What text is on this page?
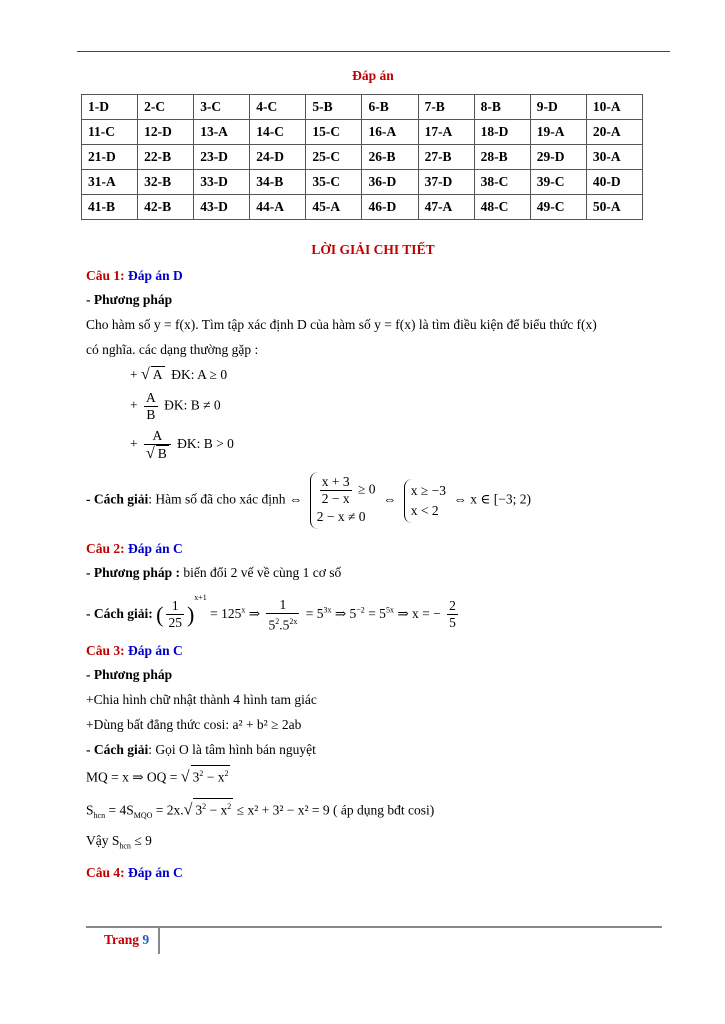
Đáp án
1-D	2-C	3-C	4-C	5-B	6-B	7-B	8-B	9-D	10-A
11-C	12-D	13-A	14-C	15-C	16-A	17-A	18-D	19-A	20-A
21-D	22-B	23-D	24-D	25-C	26-B	27-B	28-B	29-D	30-A
31-A	32-B	33-D	34-B	35-C	36-D	37-D	38-C	39-C	40-D
41-B	42-B	43-D	44-A	45-A	46-D	47-A	48-C	49-C	50-A
LỜI GIẢI CHI TIẾT
Câu 1: Đáp án D
- Phương pháp
Cho hàm số y = f(x). Tìm tập xác định D của hàm số y = f(x) là tìm điều kiện để biểu thức f(x)
có nghĩa. các dạng thường gặp :
+ √ A ĐK: A ≥ 0
+ $\frac{A}{B}$ ĐK: B ≠ 0
+ $\frac{A}{√ B}$ ĐK: B > 0
- Cách giải: Hàm số đã cho xác định ⇔ $\frac{x + 3}{2 - x} \ge 0$
2 − x ≠ 0
⇔
x ≥ −3
x < 2
⇔ x ∈ [−3; 2)
Câu 2: Đáp án C
- Phương pháp : biến đổi 2 vế về cùng 1 cơ số
- Cách giải: ( $\frac{1}{25} )^{x+1} = 125^x$ ⇒ $\frac{1}{5^2.5^{2x}} = 5^{3x}$ ⇒ $5^{-2} = 5^{5x}$ ⇒ x = − $\frac{2}{5}$
Câu 3: Đáp án C
- Phương pháp
+Chia hình chữ nhật thành 4 hình tam giác
+Dùng bất đẳng thức cosi: a² + b² ≥ 2ab
- Cách giải: Gọi O là tâm hình bán nguyệt
MQ = x ⇒ OQ = √ $3^2 - x^2$
$S_{hcn} = 4S_{MQO} = 2x.√$ $3^2 - x^2 \le x^2 + 3^2 - x^2 = 9$ ( áp dụng bđt cosi)
Vậy $S_{hcn} \le 9$
Câu 4: Đáp án C
Trang 9
